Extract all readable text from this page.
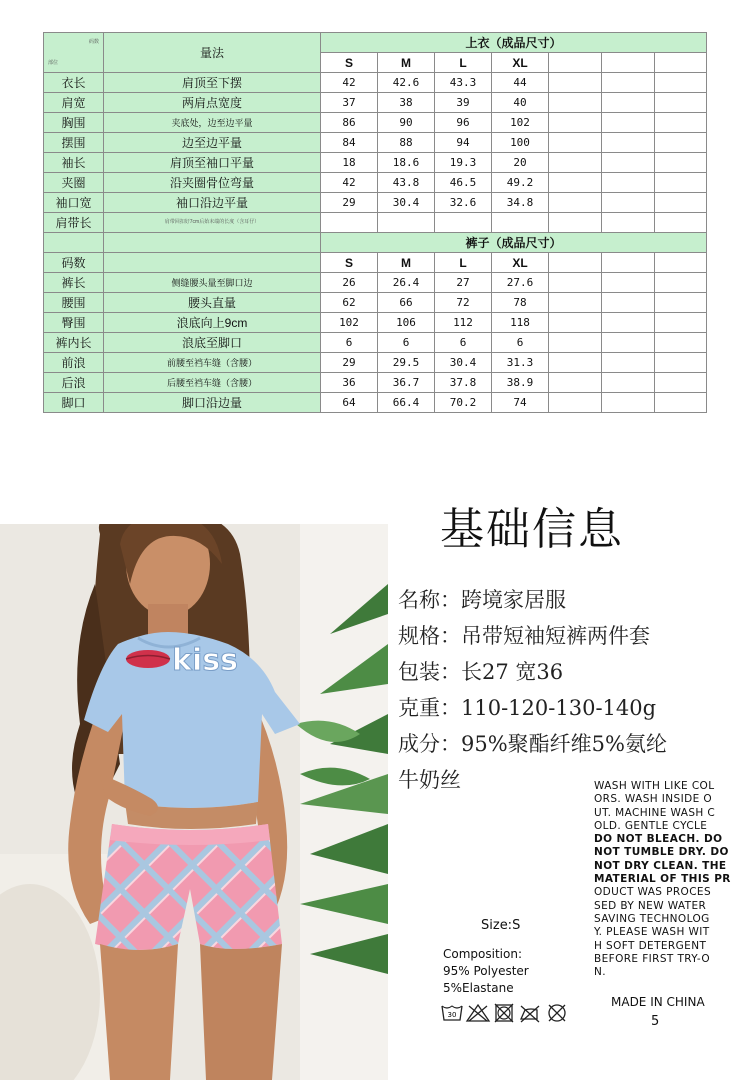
码数
部位	量法	上衣（成品尺寸）						
		S	M	L	XL			
衣长	肩顶至下摆	42	42.6	43.3	44			
肩宽	两肩点宽度	37	38	39	40			
胸围	夹底处，边至边平量	86	90	96	102			
摆围	边至边平量	84	88	94	100			
袖长	肩顶至袖口平量	18	18.6	19.3	20			
夹圈	沿夹圈骨位弯量	42	43.8	46.5	49.2			
袖口宽	袖口沿边平量	29	30.4	32.6	34.8			
肩带长	肩带回扣好7cm后始末端的长度（含耳仔）							
		裤子（成品尺寸）						
码数		S	M	L	XL			
裤长	侧缝腰头量至脚口边	26	26.4	27	27.6			
腰围	腰头直量	62	66	72	78			
臀围	浪底向上9cm	102	106	112	118			
裤内长	浪底至脚口	6	6	6	6			
前浪	前腰至裆车缝（含腰）	29	29.5	30.4	31.3			
后浪	后腰至裆车缝（含腰）	36	36.7	37.8	38.9			
脚口	脚口沿边量	64	66.4	70.2	74			
kiss
基础信息
名称：跨境家居服
规格：吊带短袖短裤两件套
包装：长27 宽36
克重：110-120-130-140g
成分：95%聚酯纤维5%氨纶
牛奶丝	WASH WITH LIKE COL
ORS. WASH INSIDE O
UT. MACHINE WASH C
OLD. GENTLE CYCLE
DO NOT BLEACH. DO
NOT TUMBLE DRY. DO
NOT DRY CLEAN. THE
MATERIAL OF THIS PR
ODUCT WAS PROCES
SED BY NEW WATER
SAVING TECHNOLOG
Y. PLEASE WASH WIT
H SOFT DETERGENT
BEFORE FIRST TRY-O
N.
Size:S
Composition:
95% Polyester
5%Elastane
30
MADE IN CHINA
5
